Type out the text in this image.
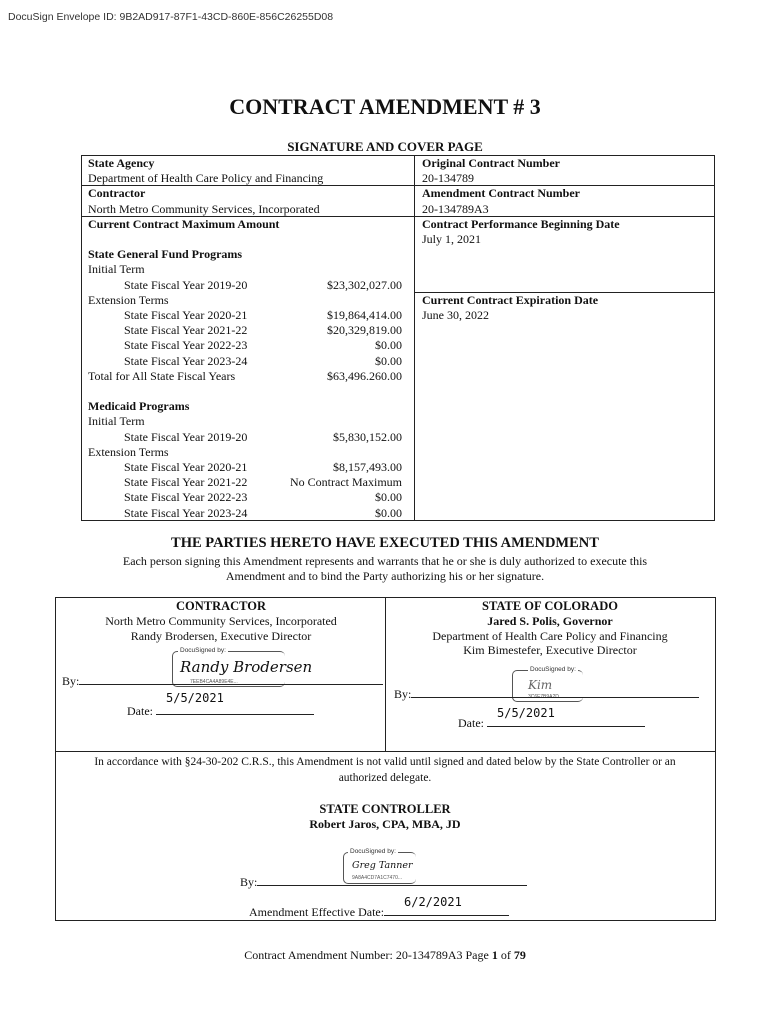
DocuSign Envelope ID: 9B2AD917-87F1-43CD-860E-856C26255D08
CONTRACT AMENDMENT # 3
SIGNATURE AND COVER PAGE
State Agency
Department of Health Care Policy and Financing
Contractor
North Metro Community Services, Incorporated
Current Contract Maximum Amount

State General Fund Programs
Initial Term
State Fiscal Year 2019-20	$23,302,027.00
Extension Terms
State Fiscal Year 2020-21	$19,864,414.00
State Fiscal Year 2021-22	$20,329,819.00
State Fiscal Year 2022-23	$0.00
State Fiscal Year 2023-24	$0.00
Total for All State Fiscal Years	$63,496.260.00

Medicaid Programs
Initial Term
State Fiscal Year 2019-20	$5,830,152.00
Extension Terms
State Fiscal Year 2020-21	$8,157,493.00
State Fiscal Year 2021-22	No Contract Maximum
State Fiscal Year 2022-23	$0.00
State Fiscal Year 2023-24	$0.00
Original Contract Number
20-134789
Amendment Contract Number
20-134789A3
Contract Performance Beginning Date
July 1, 2021
Current Contract Expiration Date
June 30, 2022
THE PARTIES HERETO HAVE EXECUTED THIS AMENDMENT
Each person signing this Amendment represents and warrants that he or she is duly authorized to execute this
Amendment and to bind the Party authorizing his or her signature.
CONTRACTOR
North Metro Community Services, Incorporated
Randy Brodersen, Executive Director
DocuSigned by:
Randy Brodersen
7EEB4CA4A89E4E...
By:
5/5/2021
Date:
STATE OF COLORADO
Jared S. Polis, Governor
Department of Health Care Policy and Financing
Kim Bimestefer, Executive Director
DocuSigned by:
Kim
3C6F7B9A2D...
By:
5/5/2021
Date:
In accordance with §24-30-202 C.R.S., this Amendment is not valid until signed and dated below by the State Controller or an
authorized delegate.
STATE CONTROLLER
Robert Jaros, CPA, MBA, JD
DocuSigned by:
Greg Tanner
9A8A4CD7A1C7470...
By:
6/2/2021
Amendment Effective Date:
Contract Amendment Number: 20-134789A3 Page 1 of 79
